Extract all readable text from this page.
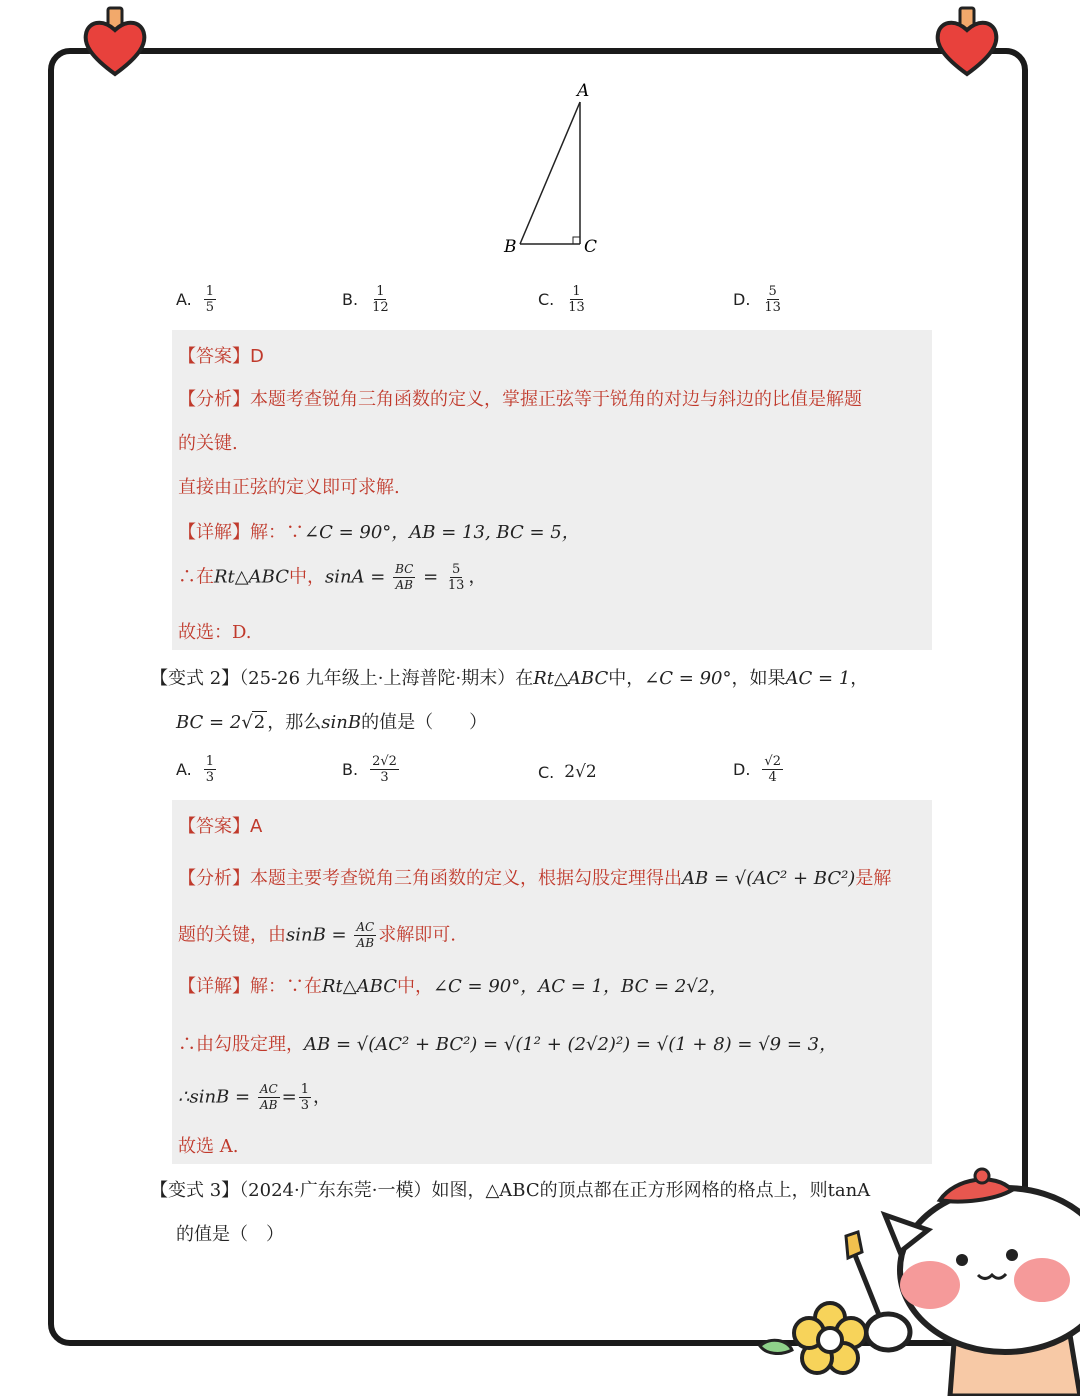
A
B	C
A. $\frac{1}{5}$	B. $\frac{1}{12}$	C. $\frac{1}{13}$	D. $\frac{5}{13}$
【答案】D
【分析】本题考查锐角三角函数的定义，掌握正弦等于锐角的对边与斜边的比值是解题
的关键.
直接由正弦的定义即可求解.
【详解】解：∵∠C = 90°，AB = 13, BC = 5，
∴在Rt△ABC中，$\sin A = \frac{BC}{AB} = \frac{5}{13}$ ，
故选：D.
【变式 2】（25-26 九年级上·上海普陀·期末）在Rt△ABC中，∠C = 90°，如果AC = 1，
BC = 2√2 ，那么sinB的值是（　　）
A. $\frac{1}{3}$	B. $\frac{2√2}{3}$	C. 2√2	D. $\frac{√2}{4}$
【答案】A
【分析】本题主要考查锐角三角函数的定义，根据勾股定理得出AB = √(AC² + BC²)是解
题的关键，由$\sin B = \frac{AC}{AB}$ 求解即可.
【详解】解：∵在Rt△ABC中，∠C = 90°，AC = 1，BC = 2√2，
∴由勾股定理，AB = √(AC² + BC²) = √(1² + (2√2)²) = √(1 + 8) = √9 = 3，
∴sinB = $\frac{AC}{AB} = \frac{1}{3}$ ，
故选 A.
【变式 3】（2024·广东东莞·一模）如图，△ABC的顶点都在正方形网格的格点上，则tanA
的值是（　）
